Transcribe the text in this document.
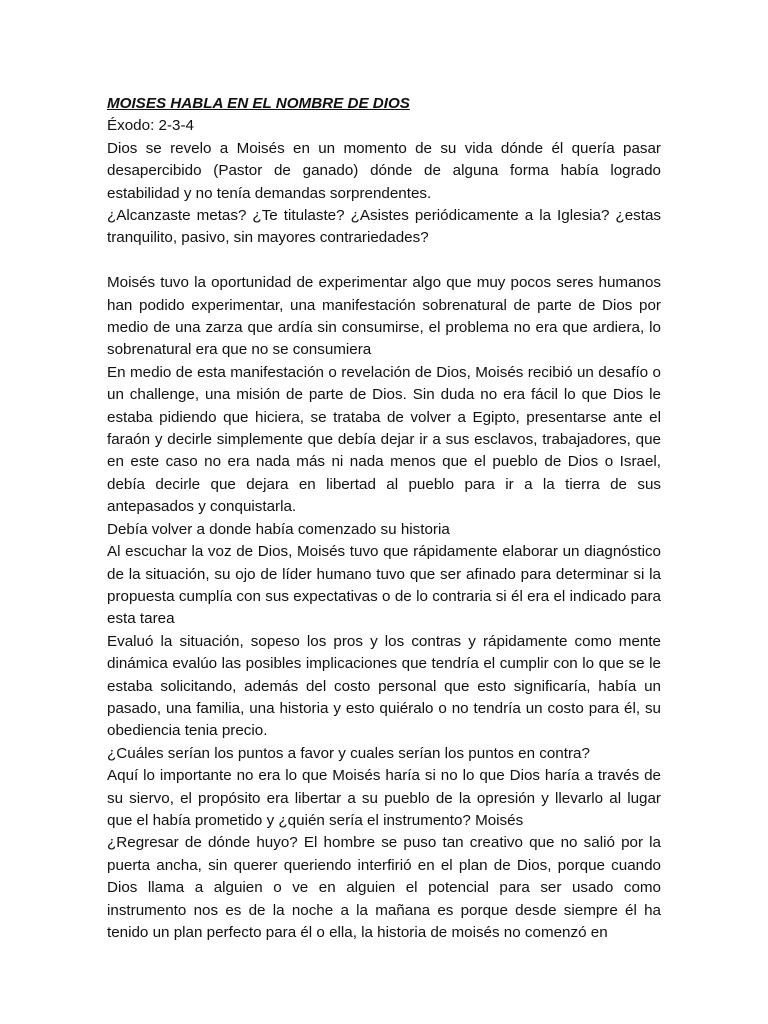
MOISES HABLA EN EL NOMBRE DE DIOS

Éxodo: 2-3-4

Dios se revelo a Moisés en un momento de su vida dónde él quería pasar desapercibido (Pastor de ganado) dónde de alguna forma había logrado estabilidad y no tenía demandas sorprendentes.

¿Alcanzaste metas? ¿Te titulaste? ¿Asistes periódicamente a la Iglesia? ¿estas tranquilito, pasivo, sin mayores contrariedades?

Moisés tuvo la oportunidad de experimentar algo que muy pocos seres humanos han podido experimentar, una manifestación sobrenatural de parte de Dios por medio de una zarza que ardía sin consumirse, el problema no era que ardiera, lo sobrenatural era que no se consumiera

En medio de esta manifestación o revelación de Dios, Moisés recibió un desafío o un challenge, una misión de parte de Dios. Sin duda no era fácil lo que Dios le estaba pidiendo que hiciera, se trataba de volver a Egipto, presentarse ante el faraón y decirle simplemente que debía dejar ir a sus esclavos, trabajadores, que en este caso no era nada más ni nada menos que el pueblo de Dios o Israel, debía decirle que dejara en libertad al pueblo para ir a la tierra de sus antepasados y conquistarla.

Debía volver a donde había comenzado su historia

Al escuchar la voz de Dios, Moisés tuvo que rápidamente elaborar un diagnóstico de la situación, su ojo de líder humano tuvo que ser afinado para determinar si la propuesta cumplía con sus expectativas o de lo contraria si él era el indicado para esta tarea

Evaluó la situación, sopeso los pros y los contras y rápidamente como mente dinámica evalúo las posibles implicaciones que tendría el cumplir con lo que se le estaba solicitando, además del costo personal que esto significaría, había un pasado, una familia, una historia y esto quiéralo o no tendría un costo para él, su obediencia tenia precio.

¿Cuáles serían los puntos a favor y cuales serían los puntos en contra?

Aquí lo importante no era lo que Moisés haría si no lo que Dios haría a través de su siervo, el propósito era libertar a su pueblo de la opresión y llevarlo al lugar que el había prometido y ¿quién sería el instrumento? Moisés

¿Regresar de dónde huyo? El hombre se puso tan creativo que no salió por la puerta ancha, sin querer queriendo interfirió en el plan de Dios, porque cuando Dios llama a alguien o ve en alguien el potencial para ser usado como instrumento nos es de la noche a la mañana es porque desde siempre él ha tenido un plan perfecto para él o ella, la historia de moisés no comenzó en
